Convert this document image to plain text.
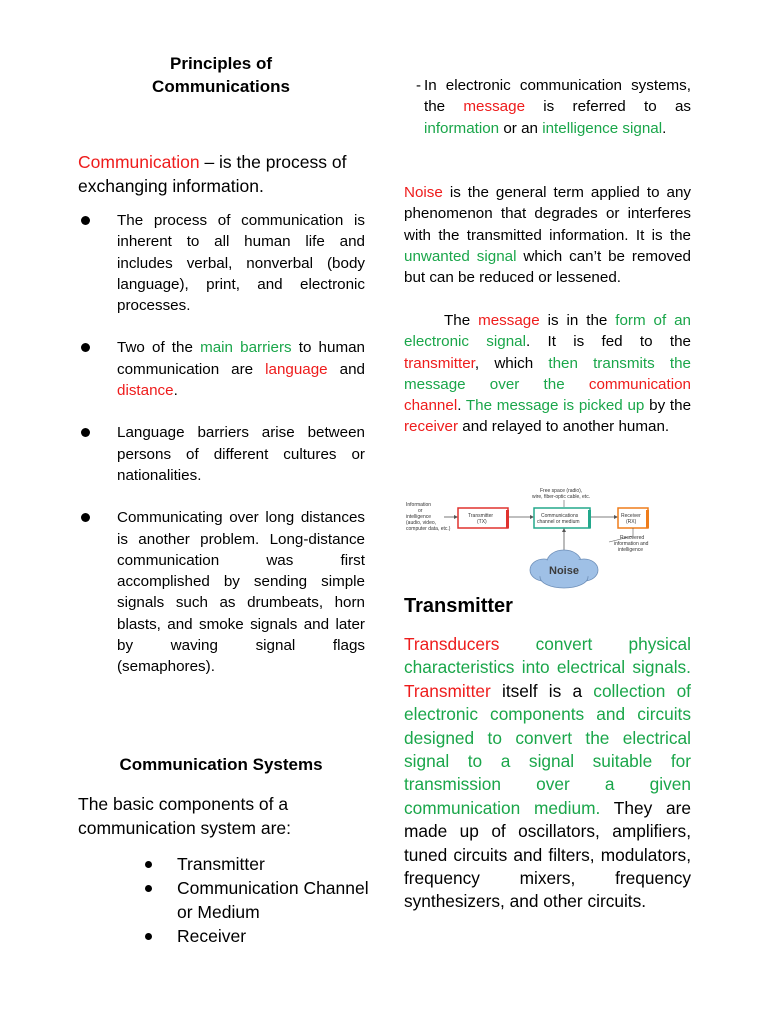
Principles of
Communications
Communication – is the process of exchanging information.
The process of communication is inherent to all human life and includes verbal, nonverbal (body language), print, and electronic processes.
Two of the main barriers to human communication are language and distance.
Language barriers arise between persons of different cultures or nationalities.
Communicating over long distances is another problem. Long-distance communication was first accomplished by sending simple signals such as drumbeats, horn blasts, and smoke signals and later by waving signal flags (semaphores).
Communication Systems
The basic components of a communication system are:
Transmitter
Communication Channel or Medium
Receiver
- In electronic communication systems, the message is referred to as information or an intelligence signal.
Noise is the general term applied to any phenomenon that degrades or interferes with the transmitted information. It is the unwanted signal which can’t be removed but can be reduced or lessened.
The message is in the form of an electronic signal. It is fed to the transmitter, which then transmits the message over the communication channel. The message is picked up by the receiver and relayed to another human.
Information
or
intelligence
(audio, video,
computer data, etc.)
Transmitter
(TX)
Free space (radio),
wire, fiber-optic cable, etc.
Communications
channel or medium
Receiver
(RX)
Recovered
information and
intelligence
Noise
Transmitter
Transducers convert physical characteristics into electrical signals. Transmitter itself is a collection of electronic components and circuits designed to convert the electrical signal to a signal suitable for transmission over a given communication medium. They are made up of oscillators, amplifiers, tuned circuits and filters, modulators, frequency mixers, frequency synthesizers, and other circuits.
